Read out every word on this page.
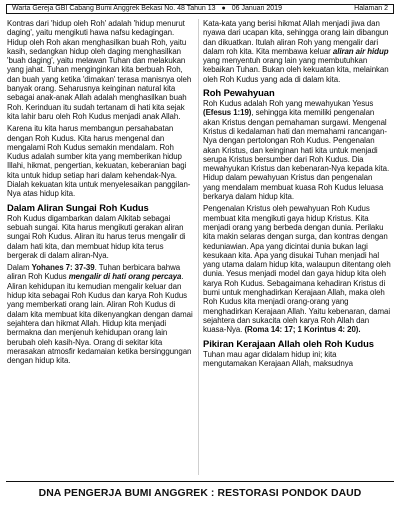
Warta Gereja GBI Cabang Bumi Anggrek Bekasi No. 48 Tahun 13 ● 06 Januari 2019	Halaman 2

Kontras dari 'hidup oleh Roh' adalah 'hidup menurut daging', yaitu mengikuti hawa nafsu kedagingan. Hidup oleh Roh akan menghasilkan buah Roh, yaitu kasih, sedangkan hidup oleh daging menghasilkan 'buah daging', yaitu melawan Tuhan dan melakukan yang jahat. Tuhan menginginkan kita berbuah Roh, dan buah yang ketika 'dimakan' terasa manisnya oleh banyak orang. Seharusnya keinginan natural kita sebagai anak-anak Allah adalah menghasilkan buah Roh. Kerinduan itu sudah tertanam di hati kita sejak kita lahir baru oleh Roh Kudus menjadi anak Allah.

Karena itu kita harus membangun persahabatan dengan Roh Kudus. Kita harus mengenal dan mengalami Roh Kudus semakin mendalam. Roh Kudus adalah sumber kita yang memberikan hidup Illahi, hikmat, pengertian, kekuatan, keberanian bagi kita untuk hidup setiap hari dalam kehendak-Nya. Dialah kekuatan kita untuk menyelesaikan panggilan-Nya atas hidup kita.

Dalam Aliran Sungai Roh Kudus

Roh Kudus digambarkan dalam Alkitab sebagai sebuah sungai. Kita harus mengikuti gerakan aliran sungai Roh Kudus. Aliran itu harus terus mengalir di dalam hati kita, dan membuat hidup kita terus bergerak di dalam aliran-Nya.

Dalam Yohanes 7: 37-39. Tuhan berbicara bahwa aliran Roh Kudus mengalir di hati orang percaya. Aliran kehidupan itu kemudian mengalir keluar dan hidup kita sebagai Roh Kudus dan karya Roh Kudus yang memberkati orang lain. Aliran Roh Kudus di dalam kita membuat kita dikenyangkan dengan damai sejahtera dan hikmat Allah. Hidup kita menjadi bermakna dan menjenuh kehidupan orang lain berubah oleh kasih-Nya. Orang di sekitar kita merasakan atmosfir kedamaian ketika bersinggungan dengan hidup kita.

Kata-kata yang berisi hikmat Allah menjadi jiwa dan nyawa dari ucapan kita, sehingga orang lain dibangun dan dikuatkan. Itulah aliran Roh yang mengalir dari dalam roh kita. Kita membawa keluar aliran air hidup yang menyentuh orang lain yang membutuhkan kebaikan Tuhan. Bukan oleh kekuatan kita, melainkan oleh Roh Kudus yang ada di dalam kita.

Roh Pewahyuan

Roh Kudus adalah Roh yang mewahyukan Yesus (Efesus 1:19), sehingga kita memiliki pengenalan akan Kristus dengan pemahaman surgawi. Mengenal Kristus di kedalaman hati dan memahami rancangan-Nya dengan pertolongan Roh Kudus. Pengenalan akan Kristus, dan keinginan hati kita untuk menjadi serupa Kristus bersumber dari Roh Kudus. Dia mewahyukan Kristus dan kebenaran-Nya kepada kita. Hidup dalam pewahyuan Kristus dan pengenalan yang mendalam membuat kuasa Roh Kudus leluasa berkarya dalam hidup kita.

Pengenalan Kristus oleh pewahyuan Roh Kudus membuat kita mengikuti gaya hidup Kristus. Kita menjadi orang yang berbeda dengan dunia. Perilaku kita makin selaras dengan surga, dan kontras dengan keduniawian. Apa yang dicintai dunia bukan lagi kesukaan kita. Apa yang disukai Tuhan menjadi hal yang utama dalam hidup kita, walaupun ditentang oleh dunia. Yesus menjadi model dan gaya hidup kita oleh karya Roh Kudus. Sebagaimana kehadiran Kristus di bumi untuk menghadirkan Kerajaan Allah, maka oleh Roh Kudus kita menjadi orang-orang yang menghadirkan Kerajaan Allah. Yaitu kebenaran, damai sejahtera dan sukacita oleh karya Roh Allah dan kuasa-Nya. (Roma 14: 17; 1 Korintus 4: 20).

Pikiran Kerajaan Allah oleh Roh Kudus

Tuhan mau agar didalam hidup ini; kita mengutamakan Kerajaan Allah, maksudnya

DNA PENGERJA BUMI ANGGREK : RESTORASI PONDOK DAUD
